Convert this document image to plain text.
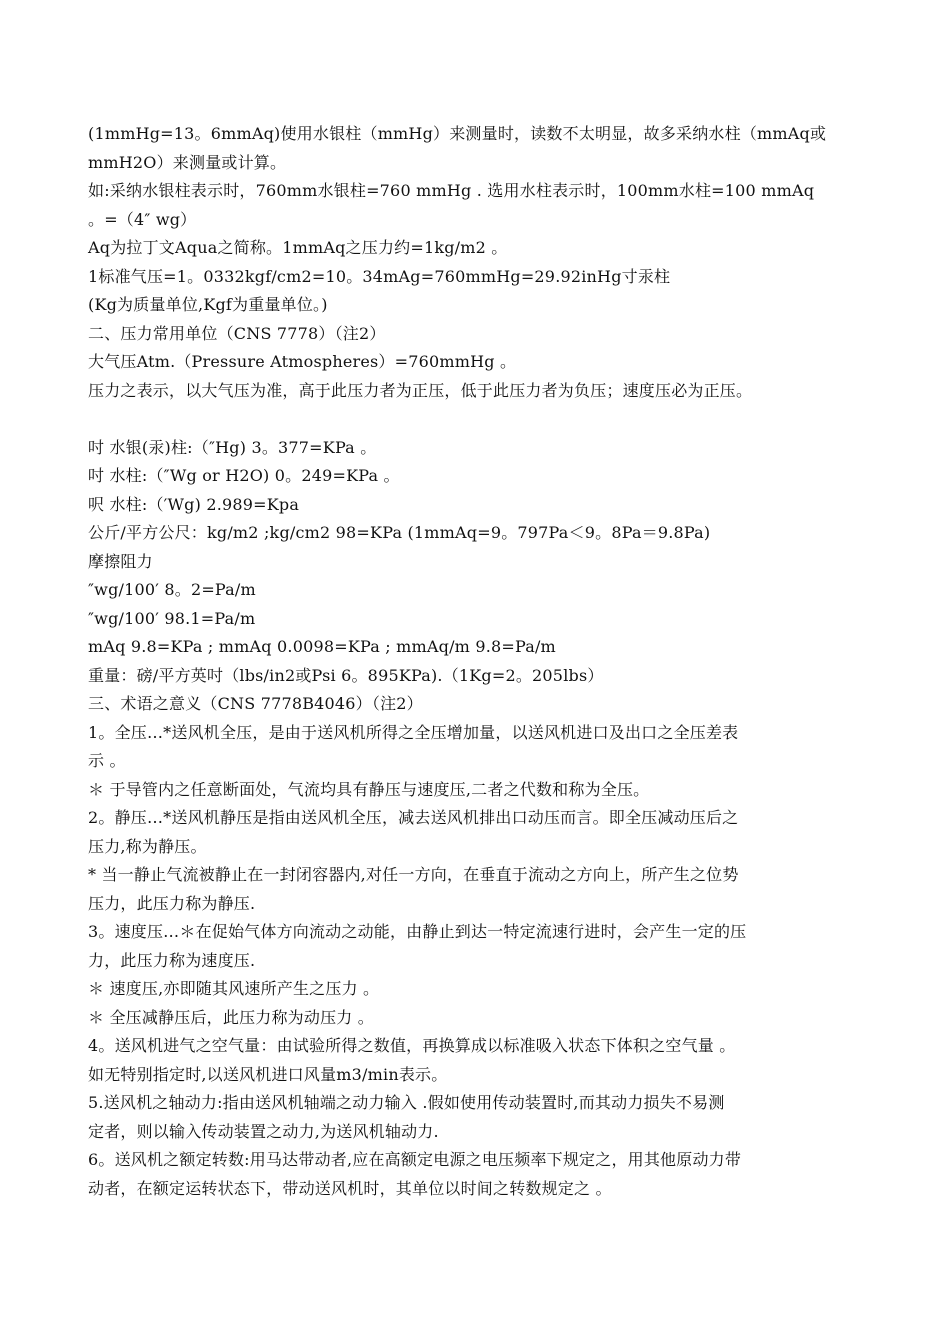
(1mmHg=13。6mmAq)使用水银柱（mmHg）来测量时，读数不太明显，故多采纳水柱（mmAq或
mmH2O）来测量或计算。
如:采纳水银柱表示时，760mm水银柱=760 mmHg . 选用水柱表示时，100mm水柱=100 mmAq
。=（4″ wg）
Aq为拉丁文Aqua之简称。1mmAq之压力约=1kg/m2 。
1标准气压=1。0332kgf/cm2=10。34mAg=760mmHg=29.92inHg寸汞柱
(Kg为质量单位,Kgf为重量单位。)
二、压力常用单位（CNS 7778）（注2）
大气压Atm.（Pressure Atmospheres）=760mmHg 。
压力之表示，以大气压为准，高于此压力者为正压，低于此压力者为负压；速度压必为正压。
吋 水银(汞)柱:（″Hg) 3。377=KPa 。
吋 水柱:（″Wg or H2O) 0。249=KPa 。
呎 水柱:（′Wg) 2.989=Kpa
公斤/平方公尺：kg/m2 ;kg/cm2 98=KPa (1mmAq=9。797Pa＜9。8Pa＝9.8Pa)
摩擦阻力
″wg/100′ 8。2=Pa/m
″wg/100′ 98.1=Pa/m
mAq 9.8=KPa ; mmAq 0.0098=KPa ; mmAq/m 9.8=Pa/m
重量：磅/平方英吋（lbs/in2或Psi 6。895KPa).（1Kg=2。205lbs）
三、术语之意义（CNS 7778B4046）（注2）
1。全压…*送风机全压，是由于送风机所得之全压增加量，以送风机进口及出口之全压差表
示 。
＊ 于导管内之任意断面处，气流均具有静压与速度压,二者之代数和称为全压。
2。静压…*送风机静压是指由送风机全压，减去送风机排出口动压而言。即全压减动压后之
压力,称为静压。
* 当一静止气流被静止在一封闭容器内,对任一方向，在垂直于流动之方向上，所产生之位势
压力，此压力称为静压.
3。速度压…＊在促始气体方向流动之动能，由静止到达一特定流速行进时，会产生一定的压
力，此压力称为速度压.
＊ 速度压,亦即随其风速所产生之压力 。
＊ 全压减静压后，此压力称为动压力 。
4。送风机进气之空气量：由试验所得之数值，再换算成以标准吸入状态下体积之空气量 。
如无特别指定时,以送风机进口风量m3/min表示。
5.送风机之轴动力:指由送风机轴端之动力输入 .假如使用传动装置时,而其动力损失不易测
定者，则以输入传动装置之动力,为送风机轴动力.
6。送风机之额定转数:用马达带动者,应在高额定电源之电压频率下规定之，用其他原动力带
动者，在额定运转状态下，带动送风机时，其单位以时间之转数规定之 。
